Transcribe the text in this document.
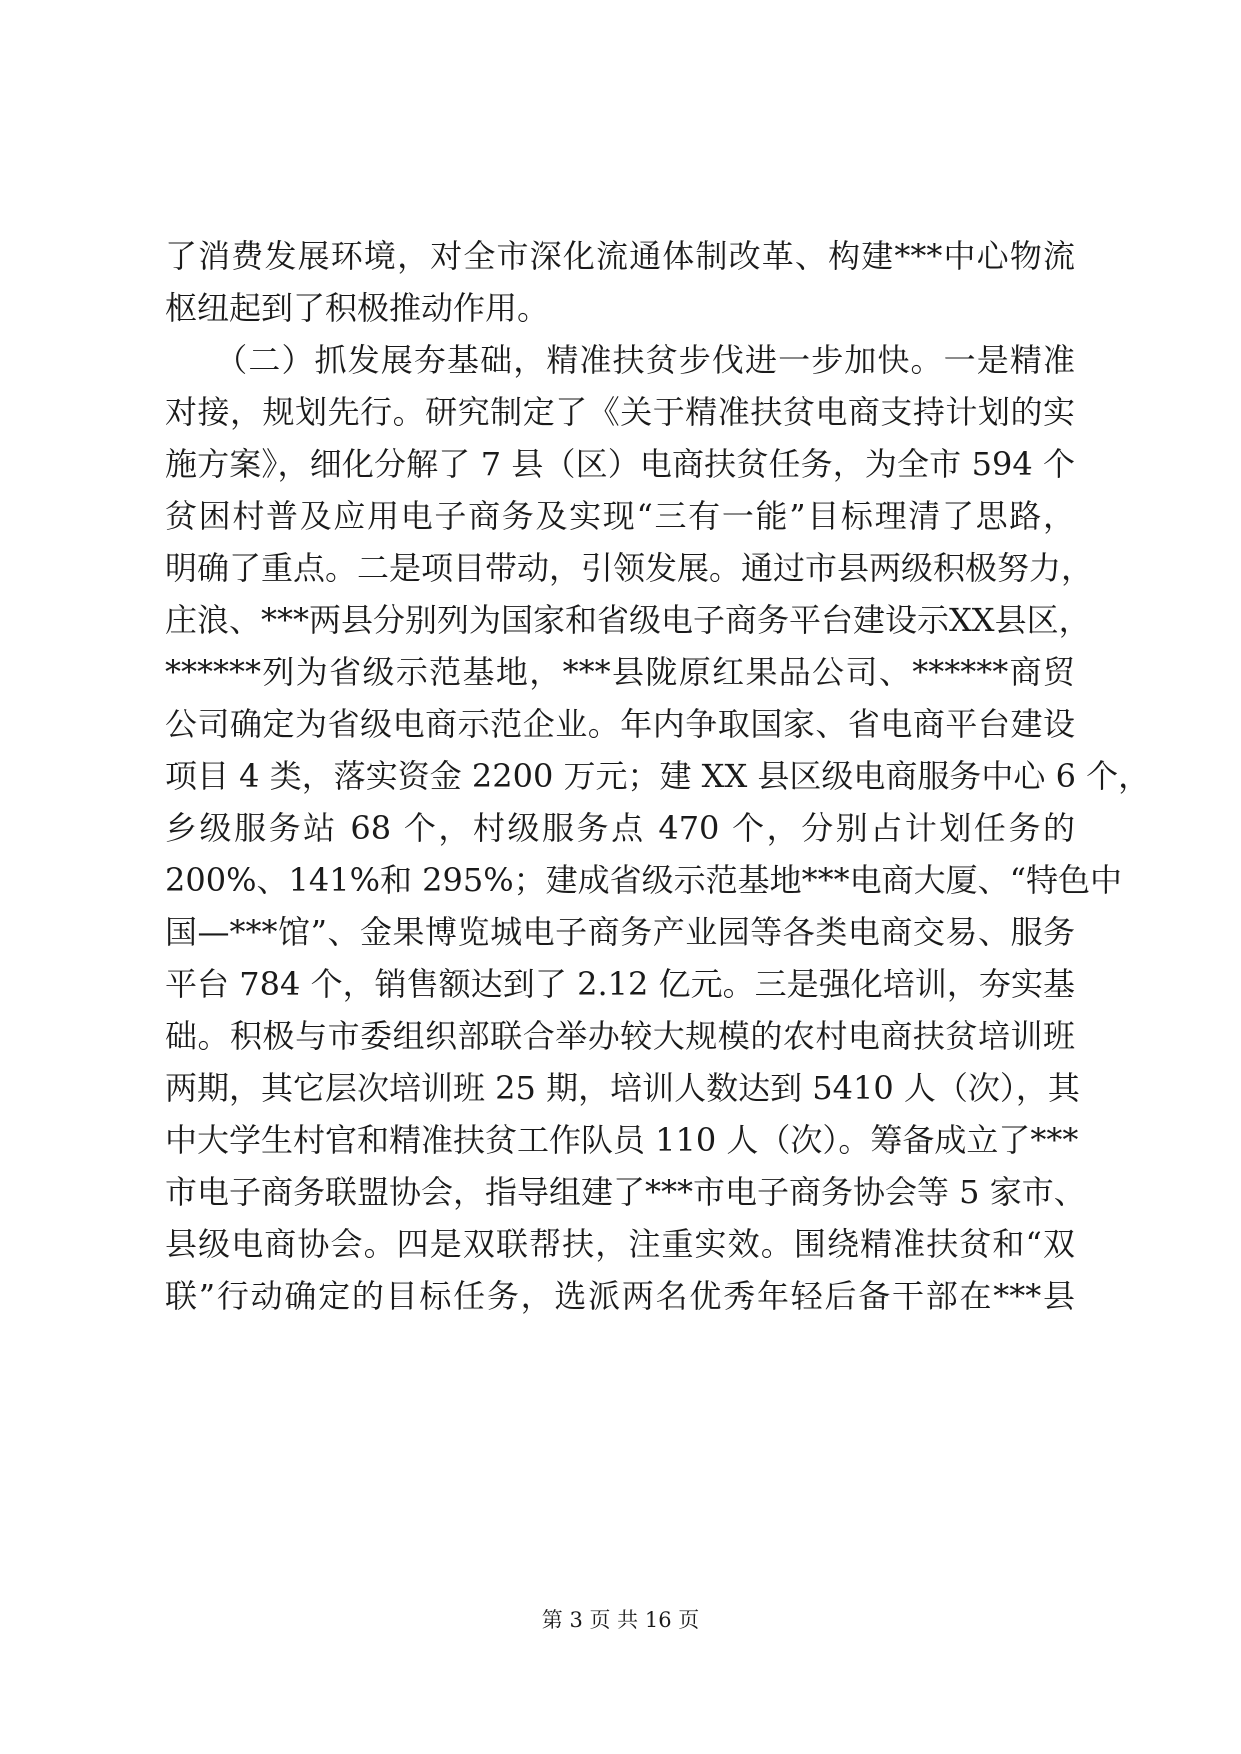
了消费发展环境，对全市深化流通体制改革、构建***中心物流
枢纽起到了积极推动作用。
　　（二）抓发展夯基础，精准扶贫步伐进一步加快。一是精准
对接，规划先行。研究制定了《关于精准扶贫电商支持计划的实
施方案》，细化分解了 7 县（区）电商扶贫任务，为全市 594 个
贫困村普及应用电子商务及实现“三有一能”目标理清了思路，
明确了重点。二是项目带动，引领发展。通过市县两级积极努力，
庄浪、***两县分别列为国家和省级电子商务平台建设示XX县区，
******列为省级示范基地，***县陇原红果品公司、******商贸
公司确定为省级电商示范企业。年内争取国家、省电商平台建设
项目 4 类，落实资金 2200 万元；建 XX 县区级电商服务中心 6 个，
乡级服务站 68 个，村级服务点 470 个，分别占计划任务的
200%、141%和 295%；建成省级示范基地***电商大厦、“特色中
国—***馆”、金果博览城电子商务产业园等各类电商交易、服务
平台 784 个，销售额达到了 2.12 亿元。三是强化培训，夯实基
础。积极与市委组织部联合举办较大规模的农村电商扶贫培训班
两期，其它层次培训班 25 期，培训人数达到 5410 人（次），其
中大学生村官和精准扶贫工作队员 110 人（次）。筹备成立了***
市电子商务联盟协会，指导组建了***市电子商务协会等 5 家市、
县级电商协会。四是双联帮扶，注重实效。围绕精准扶贫和“双
联”行动确定的目标任务，选派两名优秀年轻后备干部在***县
第 3 页 共 16 页
